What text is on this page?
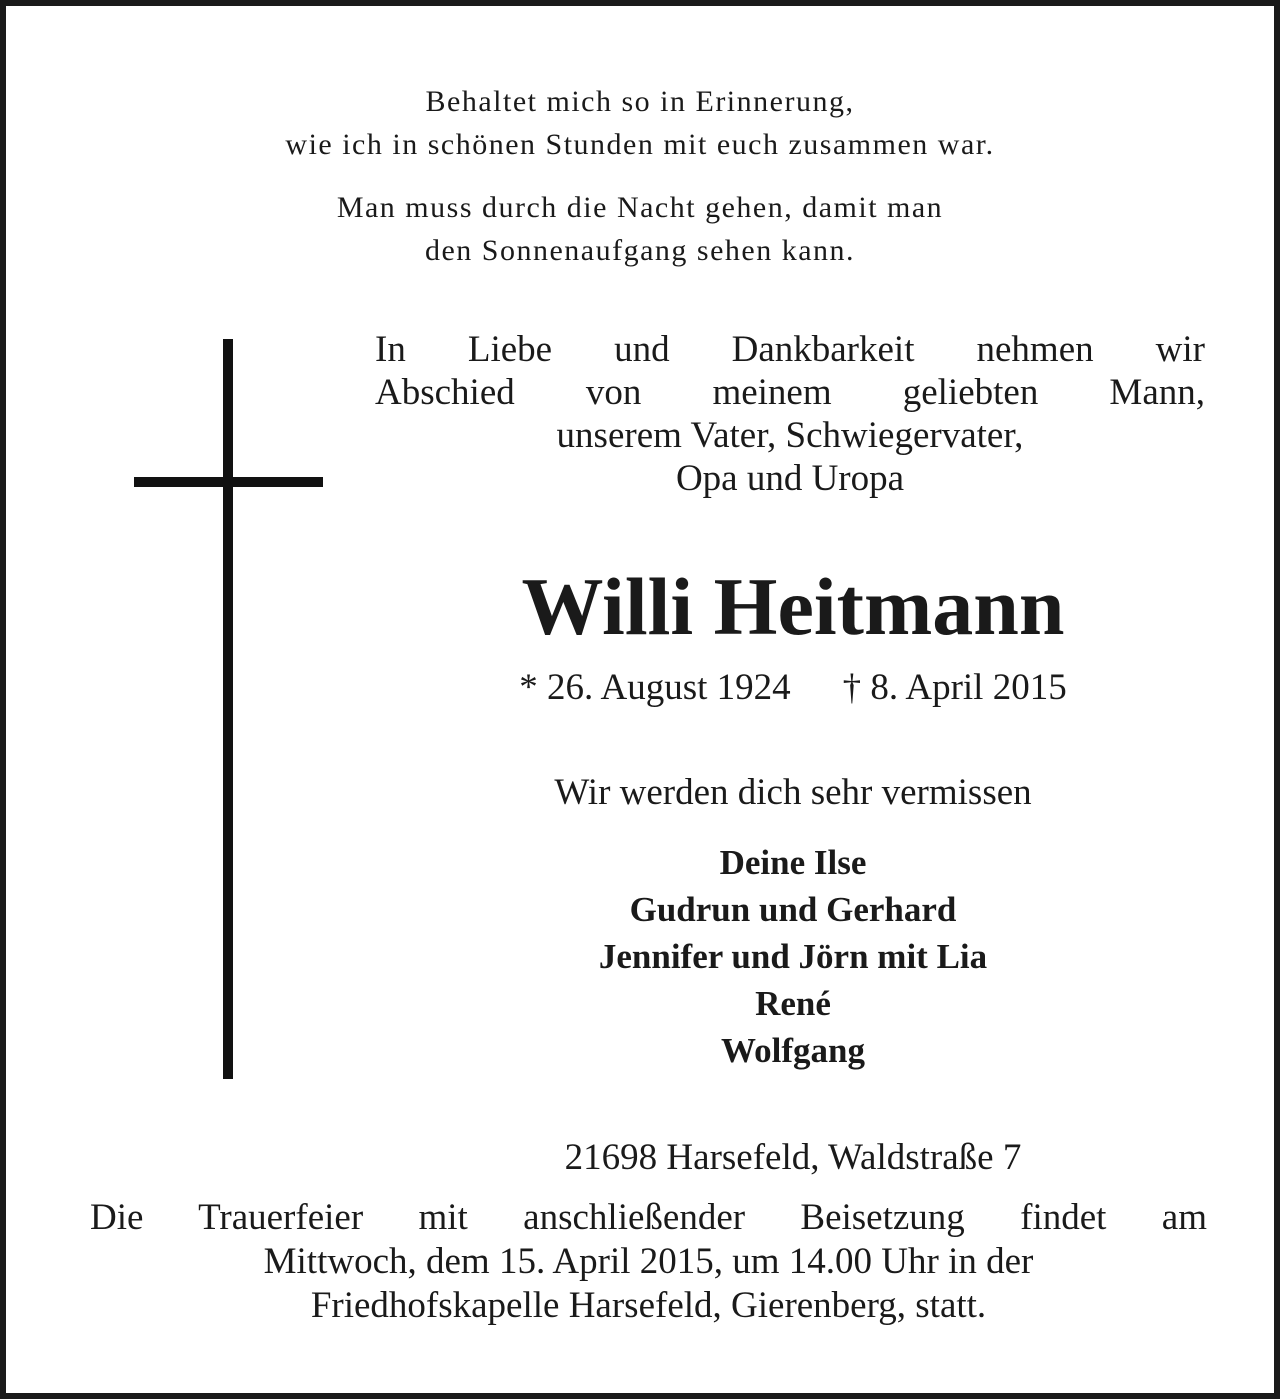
Behaltet mich so in Erinnerung,
wie ich in schönen Stunden mit euch zusammen war.
Man muss durch die Nacht gehen, damit man
den Sonnenaufgang sehen kann.
In Liebe und Dankbarkeit nehmen wir
Abschied von meinem geliebten Mann,
unserem Vater, Schwiegervater,
Opa und Uropa
Willi Heitmann
* 26. August 1924 † 8. April 2015
Wir werden dich sehr vermissen
Deine Ilse
Gudrun und Gerhard
Jennifer und Jörn mit Lia
René
Wolfgang
21698 Harsefeld, Waldstraße 7
Die Trauerfeier mit anschließender Beisetzung findet am
Mittwoch, dem 15. April 2015, um 14.00 Uhr in der
Friedhofskapelle Harsefeld, Gierenberg, statt.
